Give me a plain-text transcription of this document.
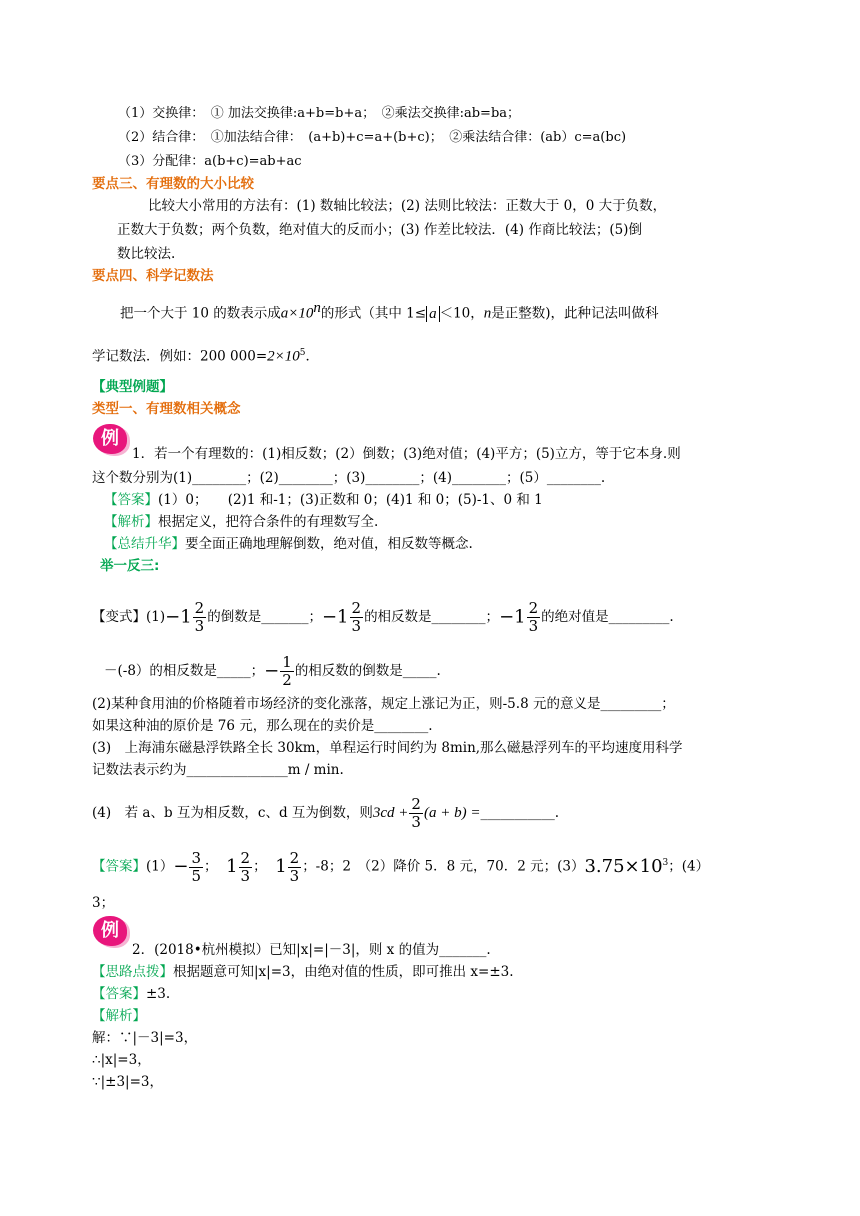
（1）交换律：　① 加法交换律:a+b=b+a；　②乘法交换律:ab=ba；
（2）结合律：　①加法结合律：　(a+b)+c=a+(b+c)；　②乘法结合律：(ab）c=a(bc)
（3）分配律：a(b+c)=ab+ac
要点三、有理数的大小比较
比较大小常用的方法有：(1) 数轴比较法；(2) 法则比较法：正数大于 0，0 大于负数，
正数大于负数；两个负数，绝对值大的反而小；(3) 作差比较法．(4) 作商比较法；(5)倒
数比较法.
要点四、科学记数法
把一个大于 10 的数表示成$a\times 10^n$的形式（其中 1≤ a ＜10，n是正整数)，此种记法叫做科
学记数法．例如：200 $000=2\times 10^5$．
【典型例题】
类型一、有理数相关概念
例
1．若一个有理数的：(1)相反数；(2）倒数；(3)绝对值；(4)平方；(5)立方，等于它本身.则
这个数分别为(1)________；(2)________；(3)________；(4)________；(5）________.
【答案】(1）0；　　(2)1 和-1；(3)正数和 0；(4)1 和 0；(5)-1、0 和 1
【解析】根据定义，把符合条件的有理数写全.
【总结升华】要全面正确地理解倒数，绝对值，相反数等概念.
举一反三:
【变式】$(1)-1 \frac{2}{3}$ 的倒数是_______；$-1 \frac{2}{3}$ 的相反数是________；$-1 \frac{2}{3}$ 的绝对值是_________.
－(-8）的相反数是_____；− $\frac{1}{2}$ 的相反数的倒数是_____.
(2)某种食用油的价格随着市场经济的变化涨落，规定上涨记为正，则-5.8 元的意义是_________；
如果这种油的原价是 76 元，那么现在的卖价是________.
(3)　上海浦东磁悬浮铁路全长 30km，单程运行时间约为 8min,那么磁悬浮列车的平均速度用科学
记数法表示约为_______________m / min.
(4)　若 a、b 互为相反数，c、d 互为倒数，则$3cd + \frac{2}{3} (a + b)$ =___________.
【答案】$(1)- \frac{3}{5}$ ； $1 \frac{2}{3}$ ； $1 \frac{2}{3}$ ；-8；2　（2）降价 5．8 元，70．2 元；$(3)3.75\times 10^3$；(4）
3；
例
2．(2018•杭州模拟）已知|x|=|－3|，则 x 的值为_______.
【思路点拨】根据题意可知|x|=3，由绝对值的性质，即可推出 x=±3.
【答案】±3.
【解析】
解：∵|－3|=3，
∴|x|=3，
∵|±3|=3，
